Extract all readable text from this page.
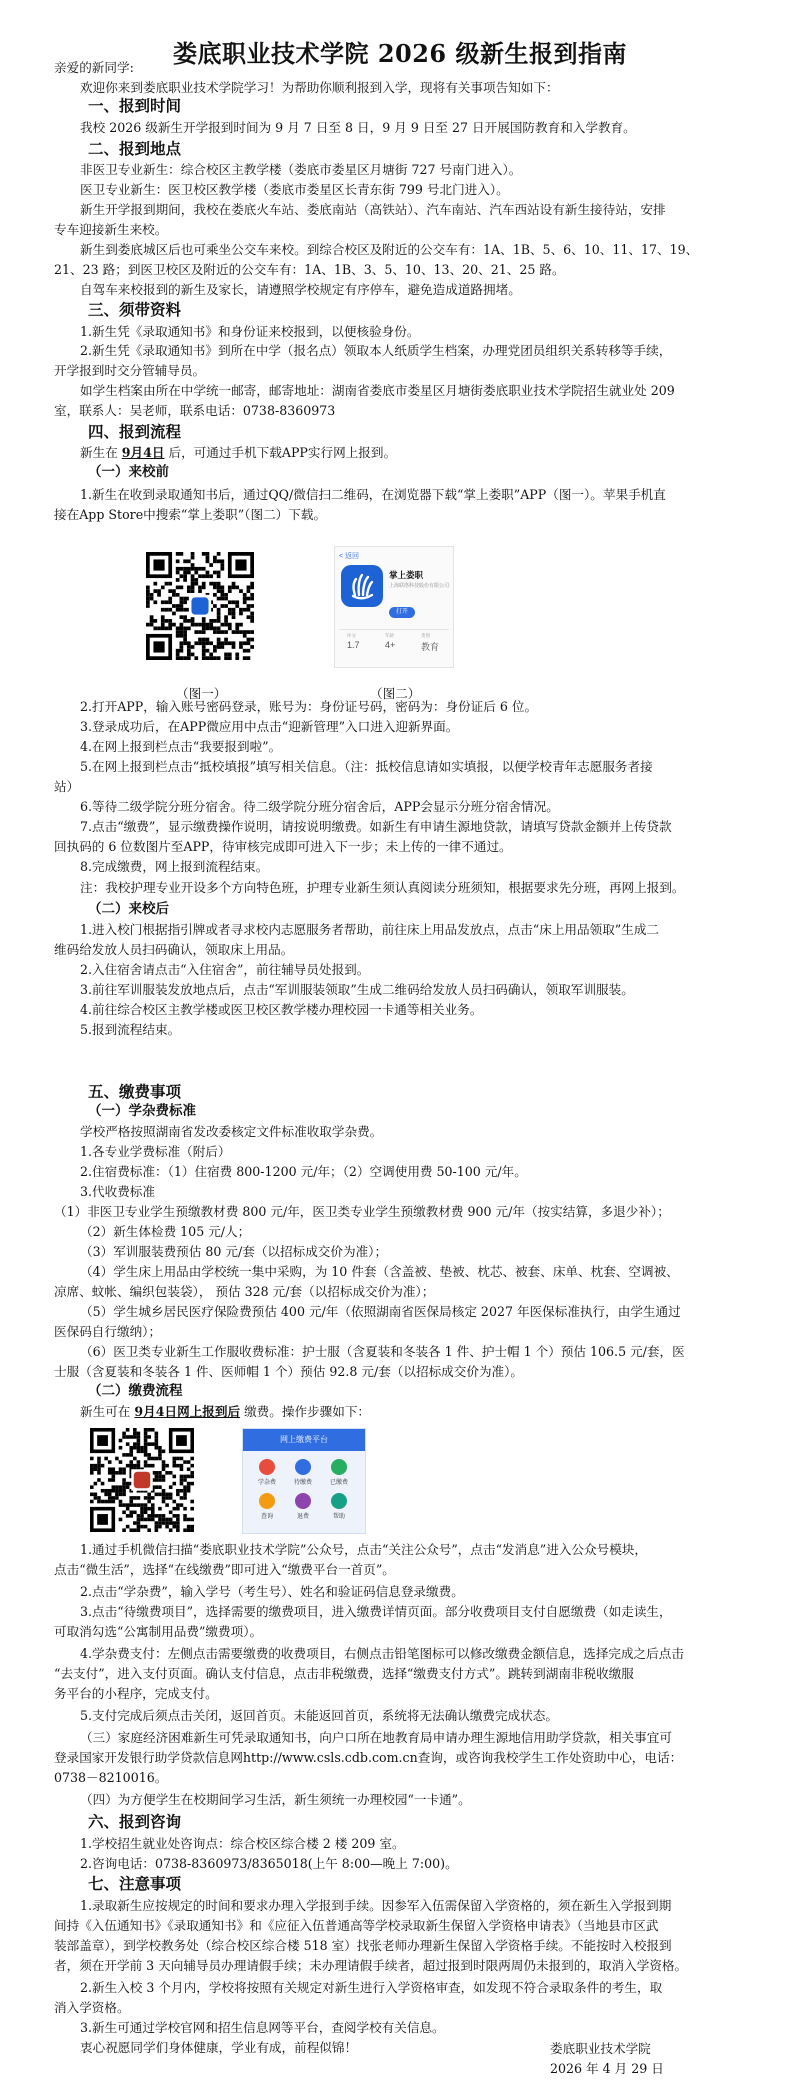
娄底职业技术学院 2026 级新生报到指南
亲爱的新同学:
欢迎你来到娄底职业技术学院学习！为帮助你顺利报到入学，现将有关事项告知如下：
一、报到时间
我校 2026 级新生开学报到时间为 9 月 7 日至 8 日，9 月 9 日至 27 日开展国防教育和入学教育。
二、报到地点
非医卫专业新生：综合校区主教学楼（娄底市娄星区月塘街 727 号南门进入）。
医卫专业新生：医卫校区教学楼（娄底市娄星区长青东街 799 号北门进入）。
新生开学报到期间，我校在娄底火车站、娄底南站（高铁站）、汽车南站、汽车西站设有新生接待站，安排
专车迎接新生来校。
新生到娄底城区后也可乘坐公交车来校。到综合校区及附近的公交车有：1A、1B、5、6、10、11、17、19、
21、23 路；到医卫校区及附近的公交车有：1A、1B、3、5、10、13、20、21、25 路。
自驾车来校报到的新生及家长，请遵照学校规定有序停车，避免造成道路拥堵。
三、须带资料
1.新生凭《录取通知书》和身份证来校报到，以便核验身份。
2.新生凭《录取通知书》到所在中学（报名点）领取本人纸质学生档案，办理党团员组织关系转移等手续，
开学报到时交分管辅导员。
如学生档案由所在中学统一邮寄，邮寄地址：湖南省娄底市娄星区月塘街娄底职业技术学院招生就业处 209
室，联系人：吴老师，联系电话：0738-8360973
四、报到流程
新生在 9月4日 后，可通过手机下载APP实行网上报到。
（一）来校前
1.新生在收到录取通知书后，通过QQ/微信扫二维码，在浏览器下载“掌上娄职”APP（图一）。苹果手机直
接在App Store中搜索“掌上娄职”（图二）下载。
2.打开APP，输入账号密码登录，账号为：身份证号码，密码为：身份证后 6 位。
3.登录成功后，在APP微应用中点击“迎新管理”入口进入迎新界面。
4.在网上报到栏点击“我要报到啦”。
5.在网上报到栏点击“抵校填报”填写相关信息。（注：抵校信息请如实填报，以便学校青年志愿服务者接
站）
6.等待二级学院分班分宿舍。待二级学院分班分宿舍后，APP会显示分班分宿舍情况。
7.点击“缴费”，显示缴费操作说明，请按说明缴费。如新生有申请生源地贷款，请填写贷款金额并上传贷款
回执码的 6 位数图片至APP，待审核完成即可进入下一步；未上传的一律不通过。
8.完成缴费，网上报到流程结束。
注：我校护理专业开设多个方向特色班，护理专业新生须认真阅读分班须知，根据要求先分班，再网上报到。
（二）来校后
1.进入校门根据指引牌或者寻求校内志愿服务者帮助，前往床上用品发放点，点击“床上用品领取”生成二
维码给发放人员扫码确认，领取床上用品。
2.入住宿舍请点击“入住宿舍”，前往辅导员处报到。
3.前往军训服装发放地点后，点击“军训服装领取”生成二维码给发放人员扫码确认，领取军训服装。
4.前往综合校区主教学楼或医卫校区教学楼办理校园一卡通等相关业务。
5.报到流程结束。
五、缴费事项
（一）学杂费标准
学校严格按照湖南省发改委核定文件标准收取学杂费。
1.各专业学费标准（附后）
2.住宿费标准：（1）住宿费 800-1200 元/年；（2）空调使用费 50-100 元/年。
3.代收费标准
（1）非医卫专业学生预缴教材费 800 元/年，医卫类专业学生预缴教材费 900 元/年（按实结算，多退少补）；
（2）新生体检费 105 元/人；
（3）军训服装费预估 80 元/套（以招标成交价为准）；
（4）学生床上用品由学校统一集中采购，为 10 件套（含盖被、垫被、枕芯、被套、床单、枕套、空调被、
凉席、蚊帐、编织包装袋）， 预估 328 元/套（以招标成交价为准）；
（5）学生城乡居民医疗保险费预估 400 元/年（依照湖南省医保局核定 2027 年医保标准执行，由学生通过
医保码自行缴纳）；
（6）医卫类专业新生工作服收费标准：护士服（含夏装和冬装各 1 件、护士帽 1 个）预估 106.5 元/套，医
士服（含夏装和冬装各 1 件、医师帽 1 个）预估 92.8 元/套（以招标成交价为准）。
（二）缴费流程
新生可在 9月4日网上报到后 缴费。操作步骤如下：
1.通过手机微信扫描“娄底职业技术学院”公众号，点击“关注公众号”，点击“发消息”进入公众号模块，
点击“微生活”，选择“在线缴费”即可进入“缴费平台一首页”。
2.点击“学杂费”，输入学号（考生号）、姓名和验证码信息登录缴费。
3.点击“待缴费项目”，选择需要的缴费项目，进入缴费详情页面。部分收费项目支付自愿缴费（如走读生，
可取消勾选“公寓制用品费”缴费项）。
4.学杂费支付：左侧点击需要缴费的收费项目，右侧点击铅笔图标可以修改缴费金额信息，选择完成之后点击
“去支付”，进入支付页面。确认支付信息，点击非税缴费，选择“缴费支付方式”。跳转到湖南非税收缴服
务平台的小程序，完成支付。
5.支付完成后须点击关闭，返回首页。未能返回首页，系统将无法确认缴费完成状态。
（三）家庭经济困难新生可凭录取通知书，向户口所在地教育局申请办理生源地信用助学贷款，相关事宜可
登录国家开发银行助学贷款信息网http://www.csls.cdb.com.cn查询，或咨询我校学生工作处资助中心，电话：
0738－8210016。
（四）为方便学生在校期间学习生活，新生须统一办理校园“一卡通”。
六、报到咨询
1.学校招生就业处咨询点：综合校区综合楼 2 楼 209 室。
2.咨询电话：0738-8360973/8365018(上午 8:00—晚上 7:00)。
七、注意事项
1.录取新生应按规定的时间和要求办理入学报到手续。因参军入伍需保留入学资格的，须在新生入学报到期
间持《入伍通知书》《录取通知书》和《应征入伍普通高等学校录取新生保留入学资格申请表》（当地县市区武
装部盖章），到学校教务处（综合校区综合楼 518 室）找张老师办理新生保留入学资格手续。不能按时入校报到
者，须在开学前 3 天向辅导员办理请假手续；未办理请假手续者，超过报到时限两周仍未报到的，取消入学资格。
2.新生入校 3 个月内，学校将按照有关规定对新生进行入学资格审查，如发现不符合录取条件的考生，取
消入学资格。
3.新生可通过学校官网和招生信息网等平台，查阅学校有关信息。
衷心祝愿同学们身体健康，学业有成，前程似锦！
（图一）
< 返回
掌上娄职
上海联络科技股份有限公司
打开
评分
1.7
年龄
4+
类别
教育
（图二）
网上缴费平台
学杂费	待缴费	已缴费
查询	退费	帮助
娄底职业技术学院
2026 年 4 月 29 日
